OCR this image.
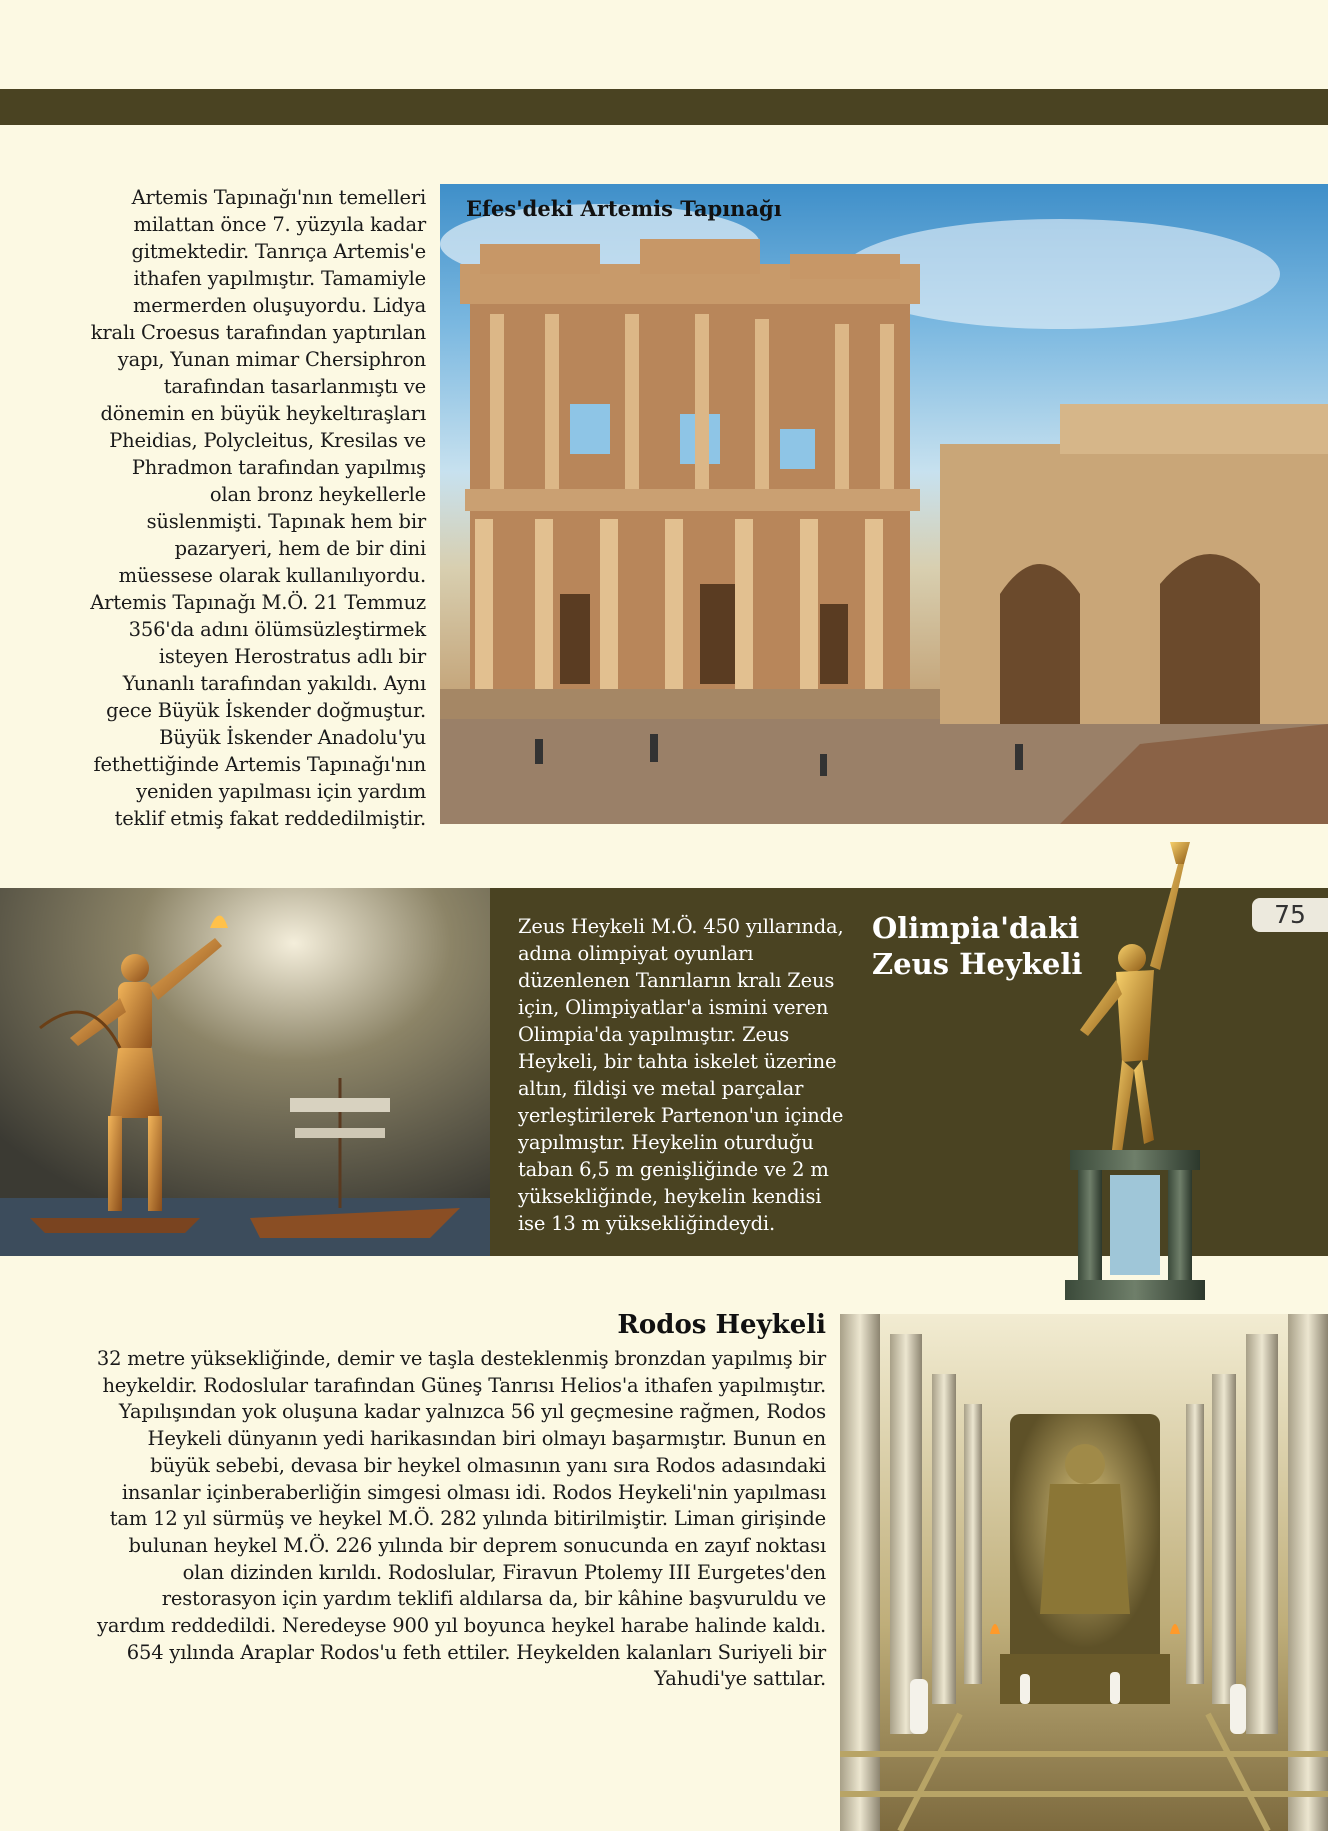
Artemis Tapınağı'nın temelleri
milattan önce 7. yüzyıla kadar
gitmektedir. Tanrıça Artemis'e
ithafen yapılmıştır. Tamamiyle
mermerden oluşuyordu. Lidya
kralı Croesus tarafından yaptırılan
yapı, Yunan mimar Chersiphron
tarafından tasarlanmıştı ve
dönemin en büyük heykeltıraşları
Pheidias, Polycleitus, Kresilas ve
Phradmon tarafından yapılmış
olan bronz heykellerle
süslenmişti. Tapınak hem bir
pazaryeri, hem de bir dini
müessese olarak kullanılıyordu.
Artemis Tapınağı M.Ö. 21 Temmuz
356'da adını ölümsüzleştirmek
isteyen Herostratus adlı bir
Yunanlı tarafından yakıldı. Aynı
gece Büyük İskender doğmuştur.
Büyük İskender Anadolu'yu
fethettiğinde Artemis Tapınağı'nın
yeniden yapılması için yardım
teklif etmiş fakat reddedilmiştir.
Efes'deki Artemis Tapınağı
Zeus Heykeli M.Ö. 450 yıllarında,
adına olimpiyat oyunları
düzenlenen Tanrıların kralı Zeus
için, Olimpiyatlar'a ismini veren
Olimpia'da yapılmıştır. Zeus
Heykeli, bir tahta iskelet üzerine
altın, fildişi ve metal parçalar
yerleştirilerek Partenon'un içinde
yapılmıştır. Heykelin oturduğu
taban 6,5 m genişliğinde ve 2 m
yüksekliğinde, heykelin kendisi
ise 13 m yüksekliğindeydi.
Olimpia'daki
Zeus Heykeli
75
Rodos Heykeli
32 metre yüksekliğinde, demir ve taşla desteklenmiş bronzdan yapılmış bir
heykeldir. Rodoslular tarafından Güneş Tanrısı Helios'a ithafen yapılmıştır.
Yapılışından yok oluşuna kadar yalnızca 56 yıl geçmesine rağmen, Rodos
Heykeli dünyanın yedi harikasından biri olmayı başarmıştır. Bunun en
büyük sebebi, devasa bir heykel olmasının yanı sıra Rodos adasındaki
insanlar içinberaberliğin simgesi olması idi. Rodos Heykeli'nin yapılması
tam 12 yıl sürmüş ve heykel M.Ö. 282 yılında bitirilmiştir. Liman girişinde
bulunan heykel M.Ö. 226 yılında bir deprem sonucunda en zayıf noktası
olan dizinden kırıldı. Rodoslular, Firavun Ptolemy III Eurgetes'den
restorasyon için yardım teklifi aldılarsa da, bir kâhine başvuruldu ve
yardım reddedildi. Neredeyse 900 yıl boyunca heykel harabe halinde kaldı.
654 yılında Araplar Rodos'u feth ettiler. Heykelden kalanları Suriyeli bir
Yahudi'ye sattılar.
